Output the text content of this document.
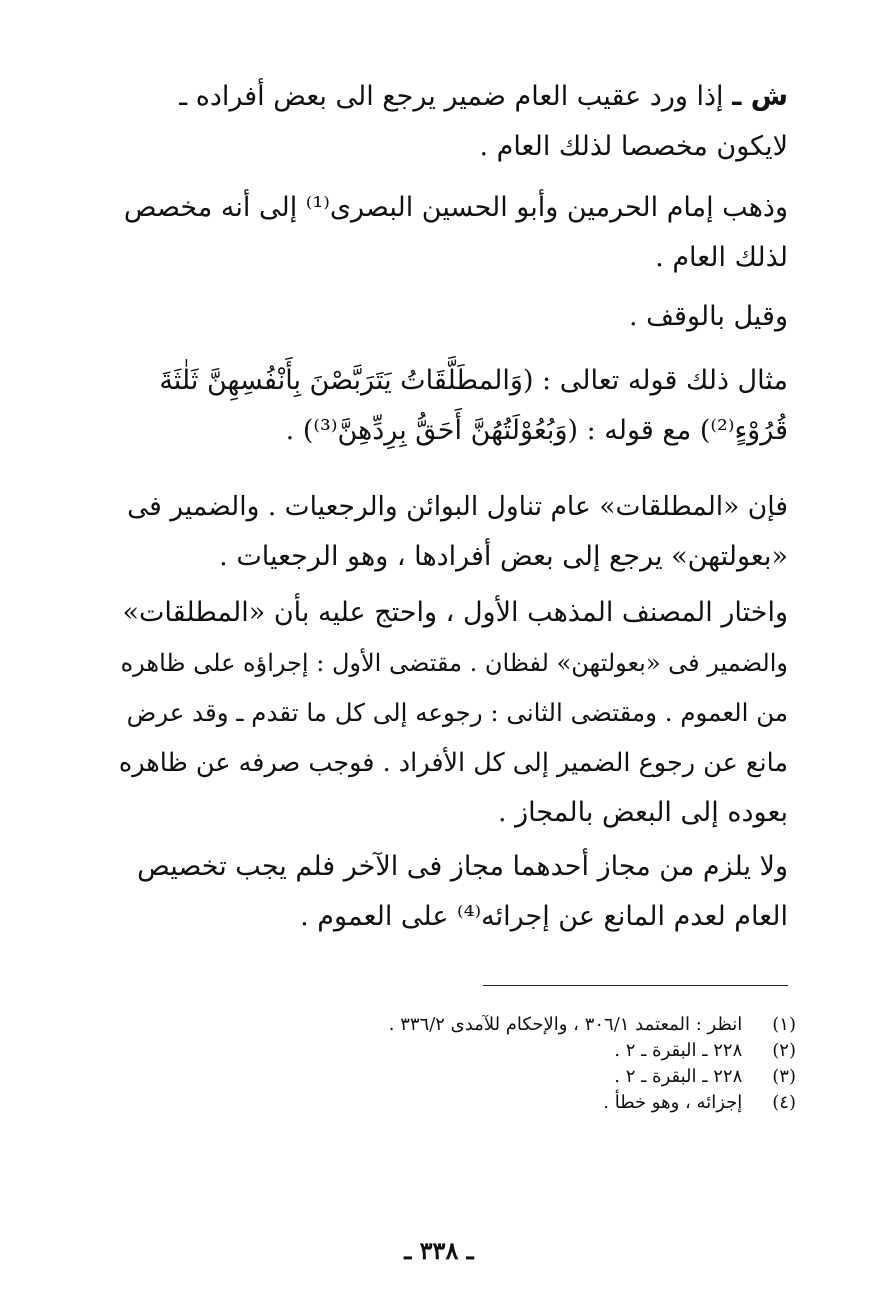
ش ـ إذا ورد عقيب العام ضمير يرجع الى بعض أفراده ـ
لايكون مخصصا لذلك العام .
وذهب إمام الحرمين وأبو الحسين البصرى⁽¹⁾ إلى أنه مخصص
لذلك العام .
وقيل بالوقف .
مثال ذلك قوله تعالى : (وَالمطَلَّقَاتُ يَتَرَبَّصْنَ بِأَنْفُسِهِنَّ ثَلٰثَةَ
قُرُوْءٍ⁽²⁾) مع قوله : (وَبُعُوْلَتُهُنَّ أَحَقُّ بِرِدِّهِنَّ⁽³⁾) .
فإن «المطلقات» عام تناول البوائن والرجعيات . والضمير فى
«بعولتهن» يرجع إلى بعض أفرادها ، وهو الرجعيات .
واختار المصنف المذهب الأول ، واحتج عليه بأن «المطلقات»
والضمير فى «بعولتهن» لفظان . مقتضى الأول : إجراؤه على ظاهره
من العموم . ومقتضى الثانى : رجوعه إلى كل ما تقدم ـ وقد عرض
مانع عن رجوع الضمير إلى كل الأفراد . فوجب صرفه عن ظاهره
بعوده إلى البعض بالمجاز .
ولا يلزم من مجاز أحدهما مجاز فى الآخر فلم يجب تخصيص
العام لعدم المانع عن إجرائه⁽⁴⁾ على العموم .
(١) انظر : المعتمد ٣٠٦/١ ، والإحكام للآمدى ٣٣٦/٢ .
(٢) ٢٢٨ ـ البقرة ـ ٢ .
(٣) ٢٢٨ ـ البقرة ـ ٢ .
(٤) إجزائه ، وهو خطأ .
ـ ٣٣٨ ـ
